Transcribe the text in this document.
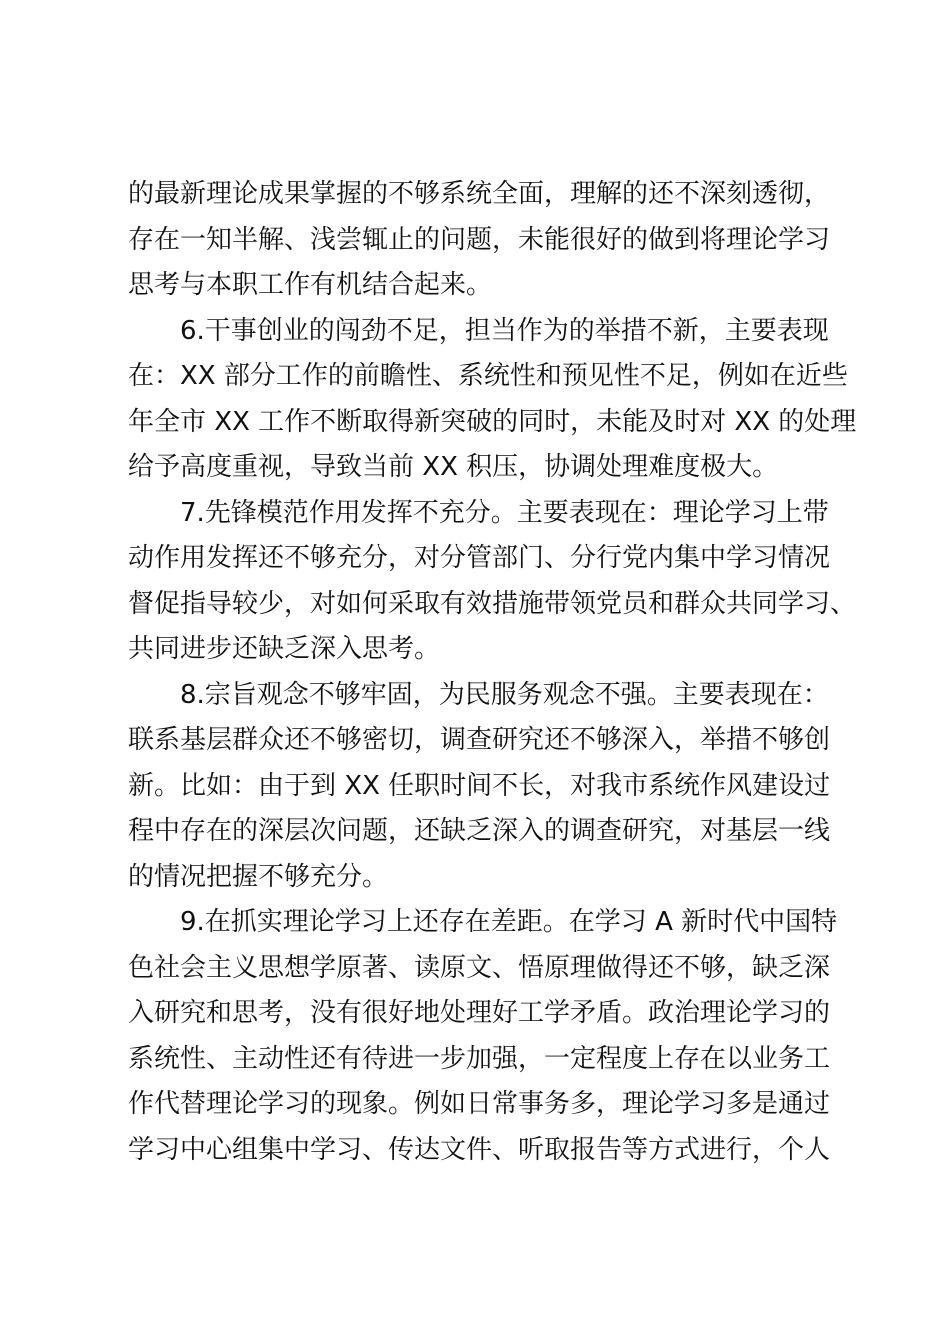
的最新理论成果掌握的不够系统全面，理解的还不深刻透彻，
存在一知半解、浅尝辄止的问题，未能很好的做到将理论学习
思考与本职工作有机结合起来。
6.干事创业的闯劲不足，担当作为的举措不新，主要表现
在：XX 部分工作的前瞻性、系统性和预见性不足，例如在近些
年全市 XX 工作不断取得新突破的同时，未能及时对 XX 的处理
给予高度重视，导致当前 XX 积压，协调处理难度极大。
7.先锋模范作用发挥不充分。主要表现在：理论学习上带
动作用发挥还不够充分，对分管部门、分行党内集中学习情况
督促指导较少，对如何采取有效措施带领党员和群众共同学习、
共同进步还缺乏深入思考。
8.宗旨观念不够牢固，为民服务观念不强。主要表现在：
联系基层群众还不够密切，调查研究还不够深入，举措不够创
新。比如：由于到 XX 任职时间不长，对我市系统作风建设过
程中存在的深层次问题，还缺乏深入的调查研究，对基层一线
的情况把握不够充分。
9.在抓实理论学习上还存在差距。在学习 A 新时代中国特
色社会主义思想学原著、读原文、悟原理做得还不够，缺乏深
入研究和思考，没有很好地处理好工学矛盾。政治理论学习的
系统性、主动性还有待进一步加强，一定程度上存在以业务工
作代替理论学习的现象。例如日常事务多，理论学习多是通过
学习中心组集中学习、传达文件、听取报告等方式进行，个人
